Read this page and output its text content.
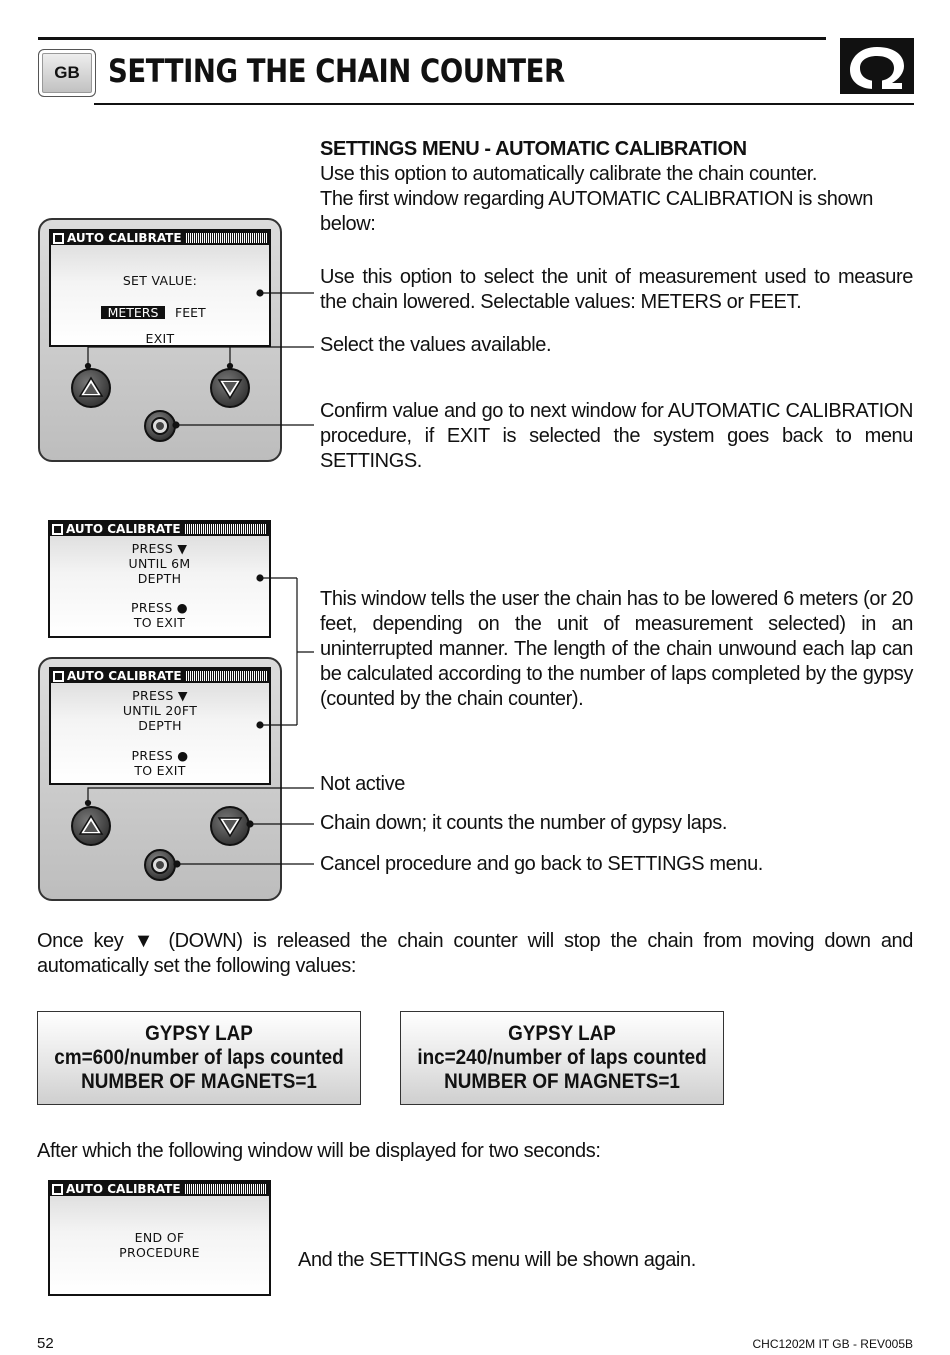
GB SETTING THE CHAIN COUNTER
SETTINGS MENU - AUTOMATIC CALIBRATION
Use this option to automatically calibrate the chain counter.
The first window regarding AUTOMATIC CALIBRATION is shown below:
AUTO CALIBRATE
SET VALUE:
METERS	FEET
EXIT
Use this option to select the unit of measurement used to measure the chain lowered. Selectable values: METERS or FEET.
Select the values available.
Confirm value and go to next window for AUTOMATIC CALIBRATION procedure, if EXIT is selected the system goes back to menu SETTINGS.
AUTO CALIBRATE
PRESS ▼
UNTIL 6M
DEPTH
PRESS ●
TO EXIT
AUTO CALIBRATE
PRESS ▼
UNTIL 20FT
DEPTH
PRESS ●
TO EXIT
This window tells the user the chain has to be lowered 6 meters (or 20 feet, depending on the unit of measurement selected) in an uninterrupted manner. The length of the chain unwound each lap can be calculated according to the number of laps completed by the gypsy (counted by the chain counter).
Not active
Chain down; it counts the number of gypsy laps.
Cancel procedure and go back to SETTINGS menu.
Once key ▼ (DOWN) is released the chain counter will stop the chain from moving down and automatically set the following values:
GYPSY LAP
cm=600/number of laps counted
NUMBER OF MAGNETS=1
GYPSY LAP
inc=240/number of laps counted
NUMBER OF MAGNETS=1
After which the following window will be displayed for two seconds:
AUTO CALIBRATE
END OF
PROCEDURE	And the SETTINGS menu will be shown again.
52	CHC1202M IT GB - REV005B
